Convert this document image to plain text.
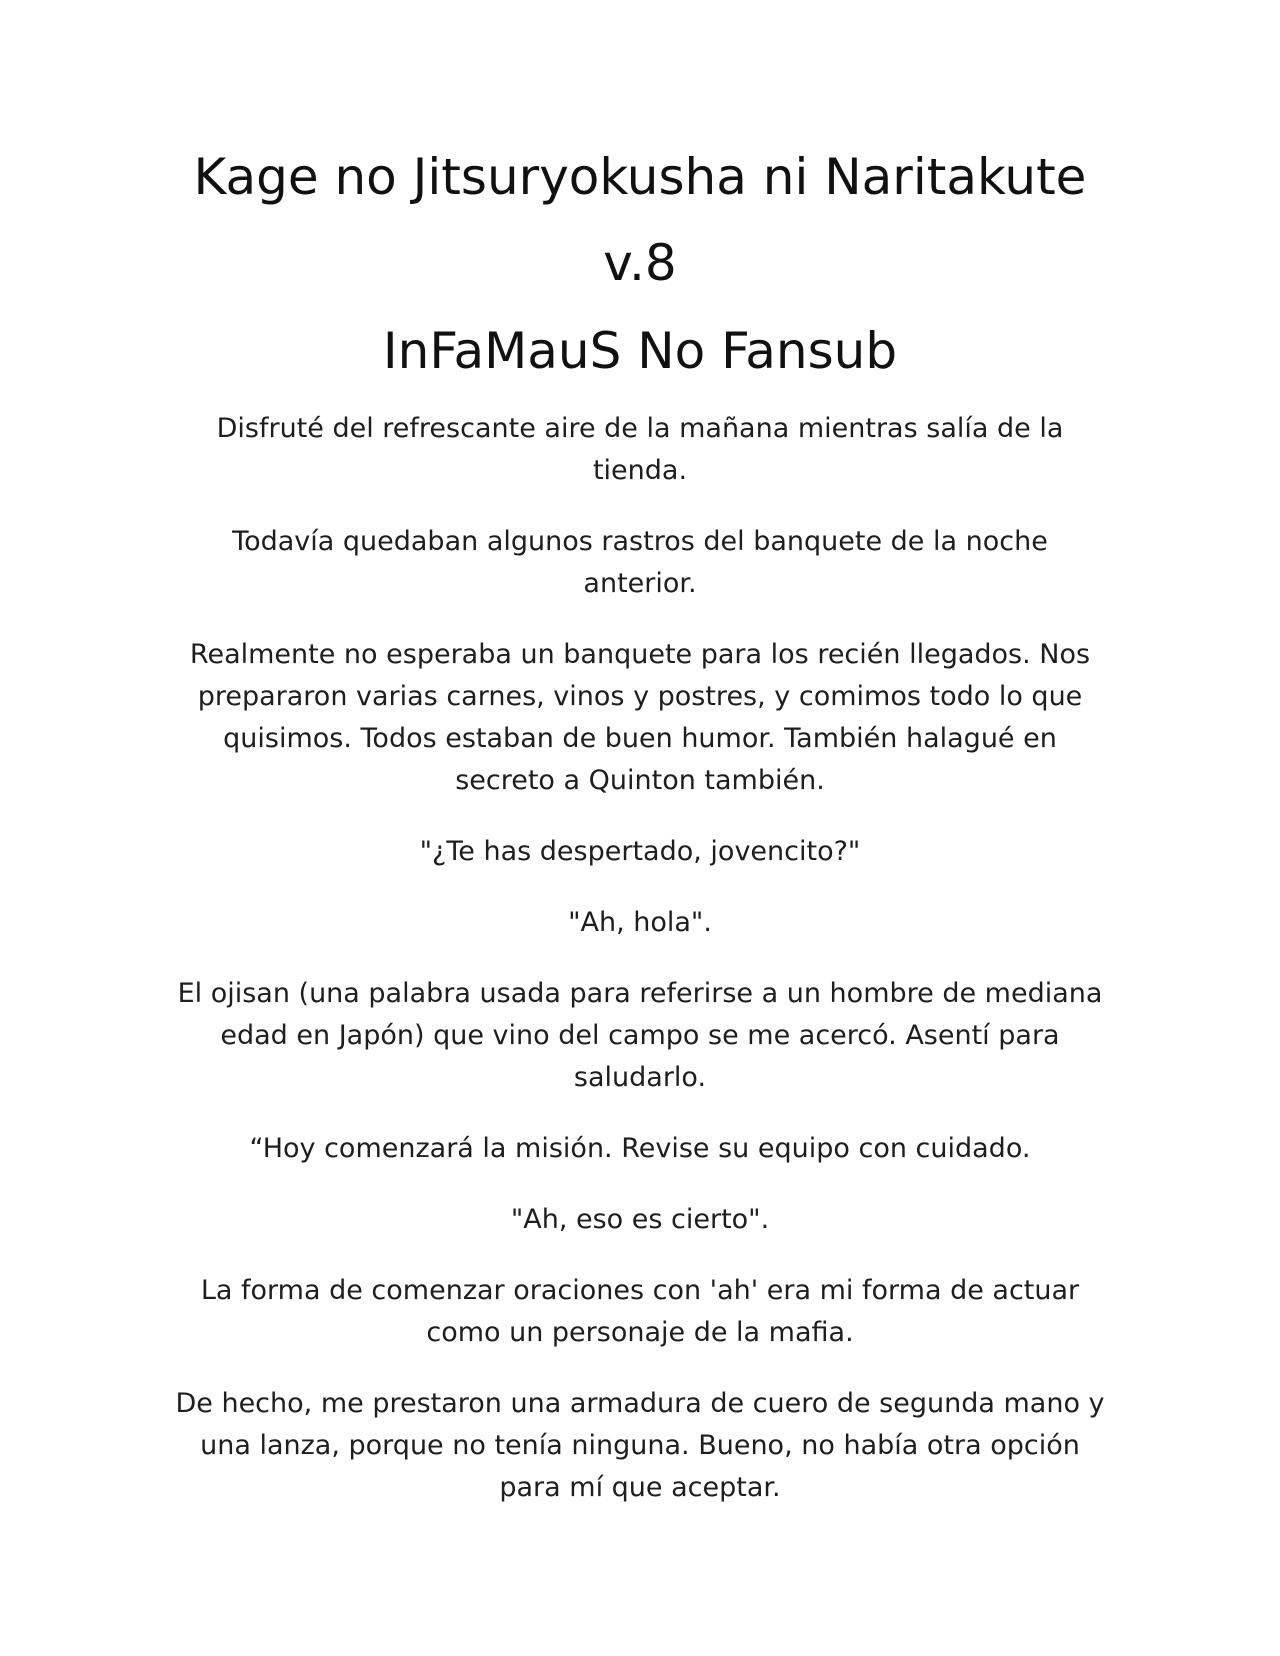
Kage no Jitsuryokusha ni Naritakute
v.8
InFaMauS No Fansub

Disfruté del refrescante aire de la mañana mientras salía de la tienda.

Todavía quedaban algunos rastros del banquete de la noche anterior.

Realmente no esperaba un banquete para los recién llegados. Nos prepararon varias carnes, vinos y postres, y comimos todo lo que quisimos. Todos estaban de buen humor. También halagué en secreto a Quinton también.

"¿Te has despertado, jovencito?"

"Ah, hola".

El ojisan (una palabra usada para referirse a un hombre de mediana edad en Japón) que vino del campo se me acercó. Asentí para saludarlo.

“Hoy comenzará la misión. Revise su equipo con cuidado.

"Ah, eso es cierto".

La forma de comenzar oraciones con 'ah' era mi forma de actuar como un personaje de la mafia.

De hecho, me prestaron una armadura de cuero de segunda mano y una lanza, porque no tenía ninguna. Bueno, no había otra opción para mí que aceptar.
